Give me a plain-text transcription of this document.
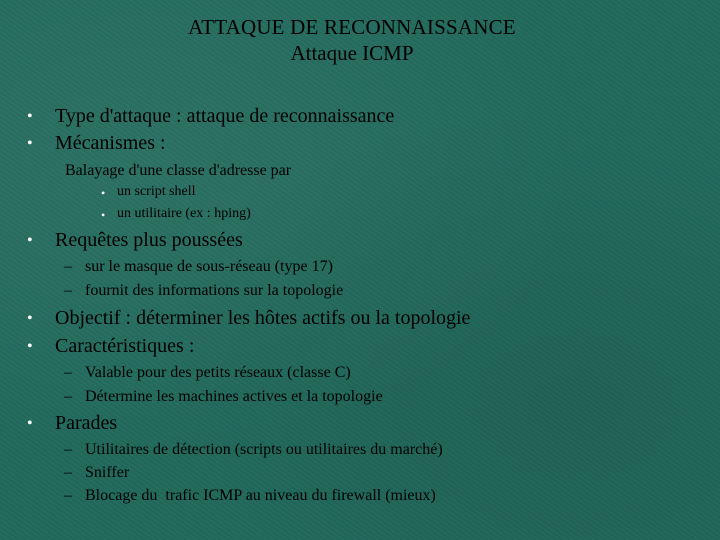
ATTAQUE DE RECONNAISSANCE
Attaque ICMP
• Type d'attaque : attaque de reconnaissance
• Mécanismes :
Balayage d'une classe d'adresse par
• un script shell
• un utilitaire (ex : hping)
• Requêtes plus poussées
– sur le masque de sous-réseau (type 17)
– fournit des informations sur la topologie
• Objectif : déterminer les hôtes actifs ou la topologie
• Caractéristiques :
– Valable pour des petits réseaux (classe C)
– Détermine les machines actives et la topologie
• Parades
– Utilitaires de détection (scripts ou utilitaires du marché)
– Sniffer
– Blocage du  trafic ICMP au niveau du firewall (mieux)
